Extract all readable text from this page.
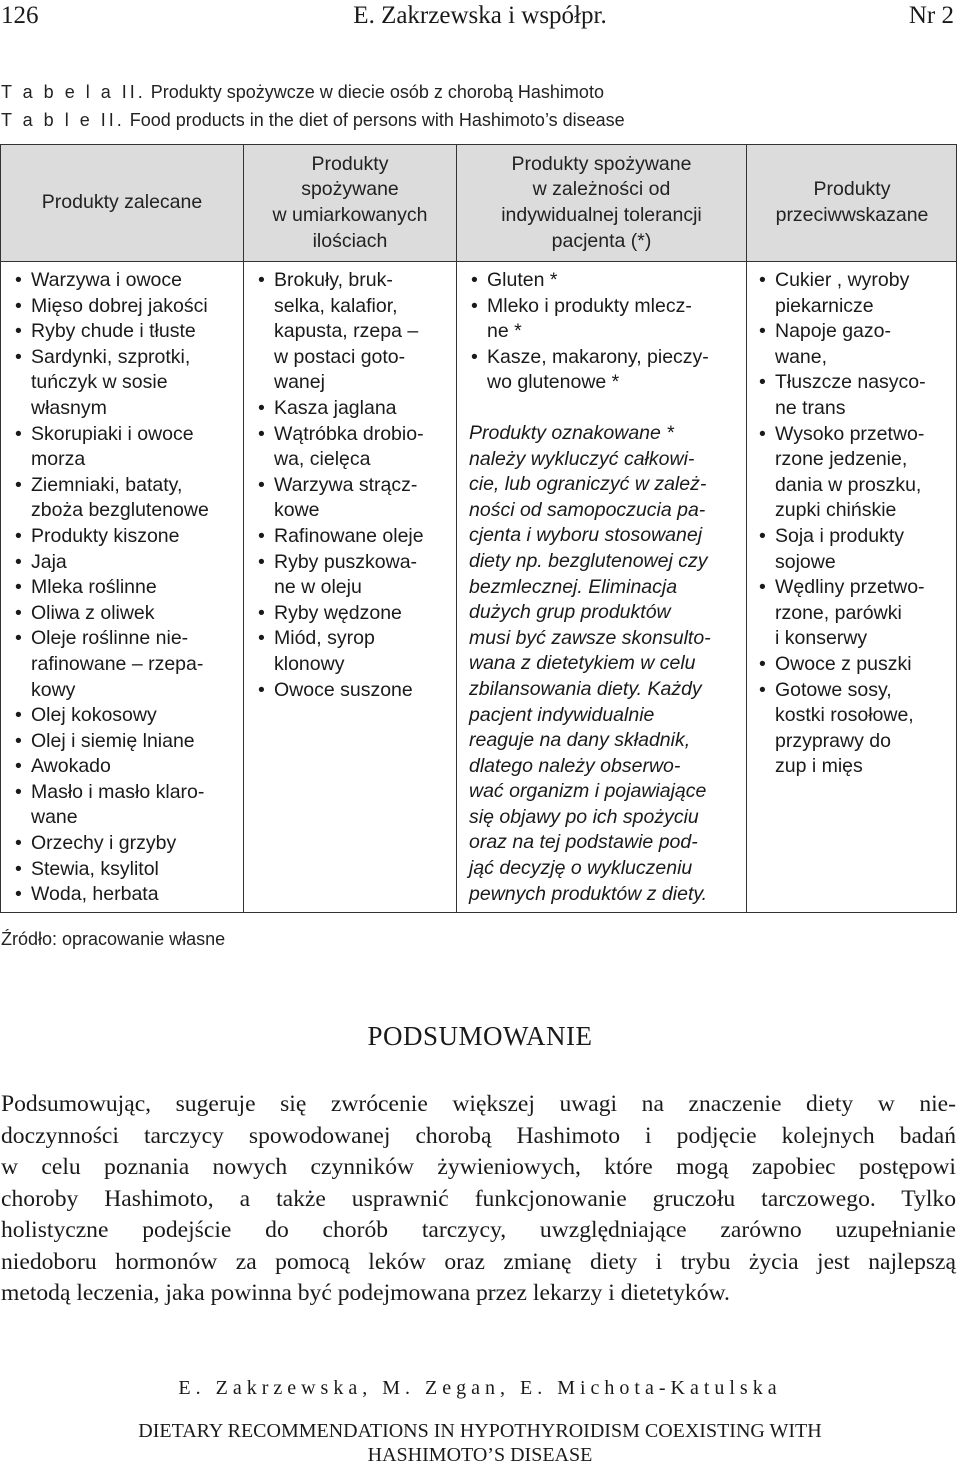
126	E. Zakrzewska i współpr.	Nr 2
T a b e l a II. Produkty spożywcze w diecie osób z chorobą Hashimoto
T a b l e II. Food products in the diet of persons with Hashimoto’s disease
Produkty zalecane
Produkty
spożywane
w umiarkowanych
ilościach
Produkty spożywane
w zależności od
indywidualnej tolerancji
pacjenta (*)
Produkty
przeciwwskazane
• Warzywa i owoce
• Mięso dobrej jakości
• Ryby chude i tłuste
• Sardynki, szprotki,
tuńczyk w sosie
własnym
• Skorupiaki i owoce
morza
• Ziemniaki, bataty,
zboża bezglutenowe
• Produkty kiszone
• Jaja
• Mleka roślinne
• Oliwa z oliwek
• Oleje roślinne nie-
rafinowane – rzepa-
kowy
• Olej kokosowy
• Olej i siemię lniane
• Awokado
• Masło i masło klaro-
wane
• Orzechy i grzyby
• Stewia, ksylitol
• Woda, herbata
• Brokuły, bruk-
selka, kalafior,
kapusta, rzepa –
w postaci goto-
wanej
• Kasza jaglana
• Wątróbka drobio-
wa, cielęca
• Warzywa strącz-
kowe
• Rafinowane oleje
• Ryby puszkowa-
ne w oleju
• Ryby wędzone
• Miód, syrop
klonowy
• Owoce suszone
• Gluten *
• Mleko i produkty mlecz-
ne *
• Kasze, makarony, pieczy-
wo glutenowe *
Produkty oznakowane *
należy wykluczyć całkowi-
cie, lub ograniczyć w zależ-
ności od samopoczucia pa-
cjenta i wyboru stosowanej
diety np. bezglutenowej czy
bezmlecznej. Eliminacja
dużych grup produktów
musi być zawsze skonsulto-
wana z dietetykiem w celu
zbilansowania diety. Każdy
pacjent indywidualnie
reaguje na dany składnik,
dlatego należy obserwo-
wać organizm i pojawiające
się objawy po ich spożyciu
oraz na tej podstawie pod-
jąć decyzję o wykluczeniu
pewnych produktów z diety.
• Cukier , wyroby
piekarnicze
• Napoje gazo-
wane,
• Tłuszcze nasyco-
ne trans
• Wysoko przetwo-
rzone jedzenie,
dania w proszku,
zupki chińskie
• Soja i produkty
sojowe
• Wędliny przetwo-
rzone, parówki
i konserwy
• Owoce z puszki
• Gotowe sosy,
kostki rosołowe,
przyprawy do
zup i mięs
Źródło: opracowanie własne
PODSUMOWANIE
Podsumowując, sugeruje się zwrócenie większej uwagi na znaczenie diety w nie-
doczynności tarczycy spowodowanej chorobą Hashimoto i podjęcie kolejnych badań
w celu poznania nowych czynników żywieniowych, które mogą zapobiec postępowi
choroby Hashimoto, a także usprawnić funkcjonowanie gruczołu tarczowego. Tylko
holistyczne podejście do chorób tarczycy, uwzględniające zarówno uzupełnianie
niedoboru hormonów za pomocą leków oraz zmianę diety i trybu życia jest najlepszą
metodą leczenia, jaka powinna być podejmowana przez lekarzy i dietetyków.
E. Zakrzewska, M. Zegan, E. Michota-Katulska
DIETARY RECOMMENDATIONS IN HYPOTHYROIDISM COEXISTING WITH
HASHIMOTO’S DISEASE
